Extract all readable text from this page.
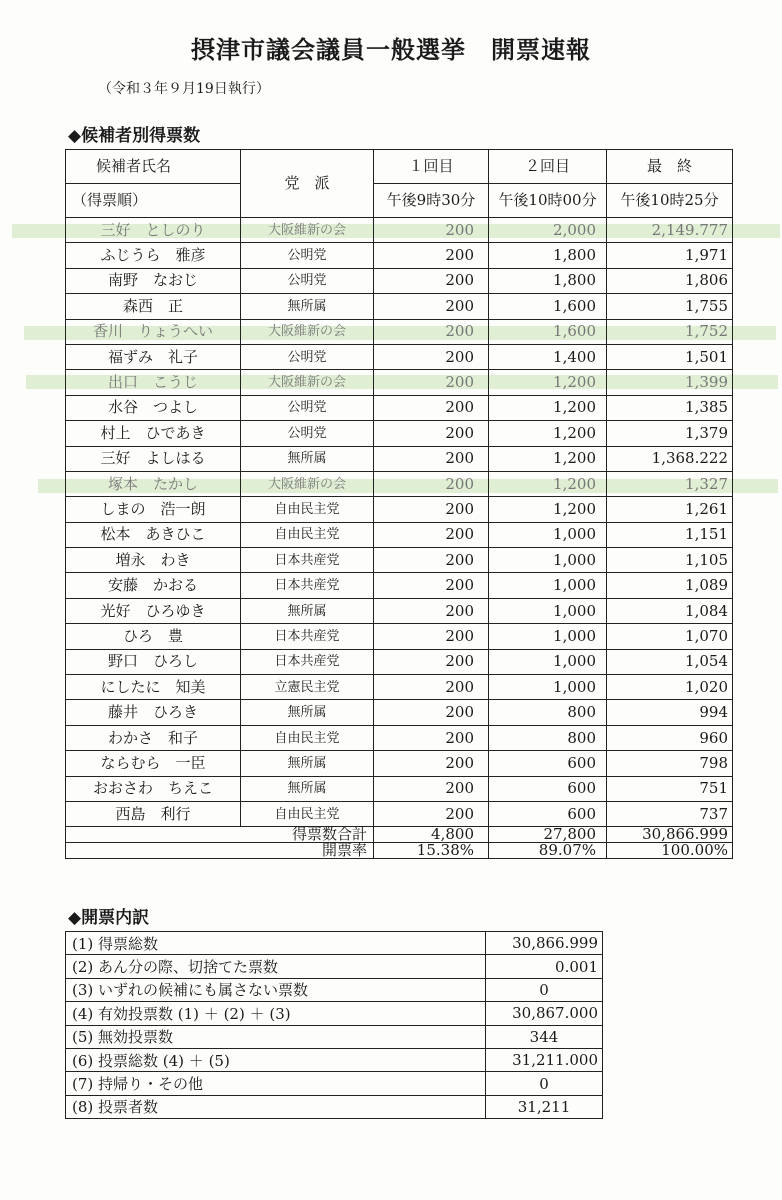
摂津市議会議員一般選挙　開票速報
（令和３年９月19日執行）
◆候補者別得票数
候補者氏名	党　派	１回目	２回目	最　終
（得票順）		午後9時30分	午後10時00分	午後10時25分
三好　としのり	大阪維新の会	200	2,000	2,149.777
ふじうら　雅彦	公明党	200	1,800	1,971
南野　なおじ	公明党	200	1,800	1,806
森西　正	無所属	200	1,600	1,755
香川　りょうへい	大阪維新の会	200	1,600	1,752
福ずみ　礼子	公明党	200	1,400	1,501
出口　こうじ	大阪維新の会	200	1,200	1,399
水谷　つよし	公明党	200	1,200	1,385
村上　ひであき	公明党	200	1,200	1,379
三好　よしはる	無所属	200	1,200	1,368.222
塚本　たかし	大阪維新の会	200	1,200	1,327
しまの　浩一朗	自由民主党	200	1,200	1,261
松本　あきひこ	自由民主党	200	1,000	1,151
増永　わき	日本共産党	200	1,000	1,105
安藤　かおる	日本共産党	200	1,000	1,089
光好　ひろゆき	無所属	200	1,000	1,084
ひろ　豊	日本共産党	200	1,000	1,070
野口　ひろし	日本共産党	200	1,000	1,054
にしたに　知美	立憲民主党	200	1,000	1,020
藤井　ひろき	無所属	200	800	994
わかさ　和子	自由民主党	200	800	960
ならむら　一臣	無所属	200	600	798
おおさわ　ちえこ	無所属	200	600	751
西島　利行	自由民主党	200	600	737
得票数合計		4,800	27,800	30,866.999
開票率		15.38%	89.07%	100.00%
◆開票内訳
(1) 得票総数	30,866.999
(2) あん分の際、切捨てた票数	0.001
(3) いずれの候補にも属さない票数	0
(4) 有効投票数 (1) ＋ (2) ＋ (3)	30,867.000
(5) 無効投票数	344
(6) 投票総数 (4) ＋ (5)	31,211.000
(7) 持帰り・その他	0
(8) 投票者数	31,211
